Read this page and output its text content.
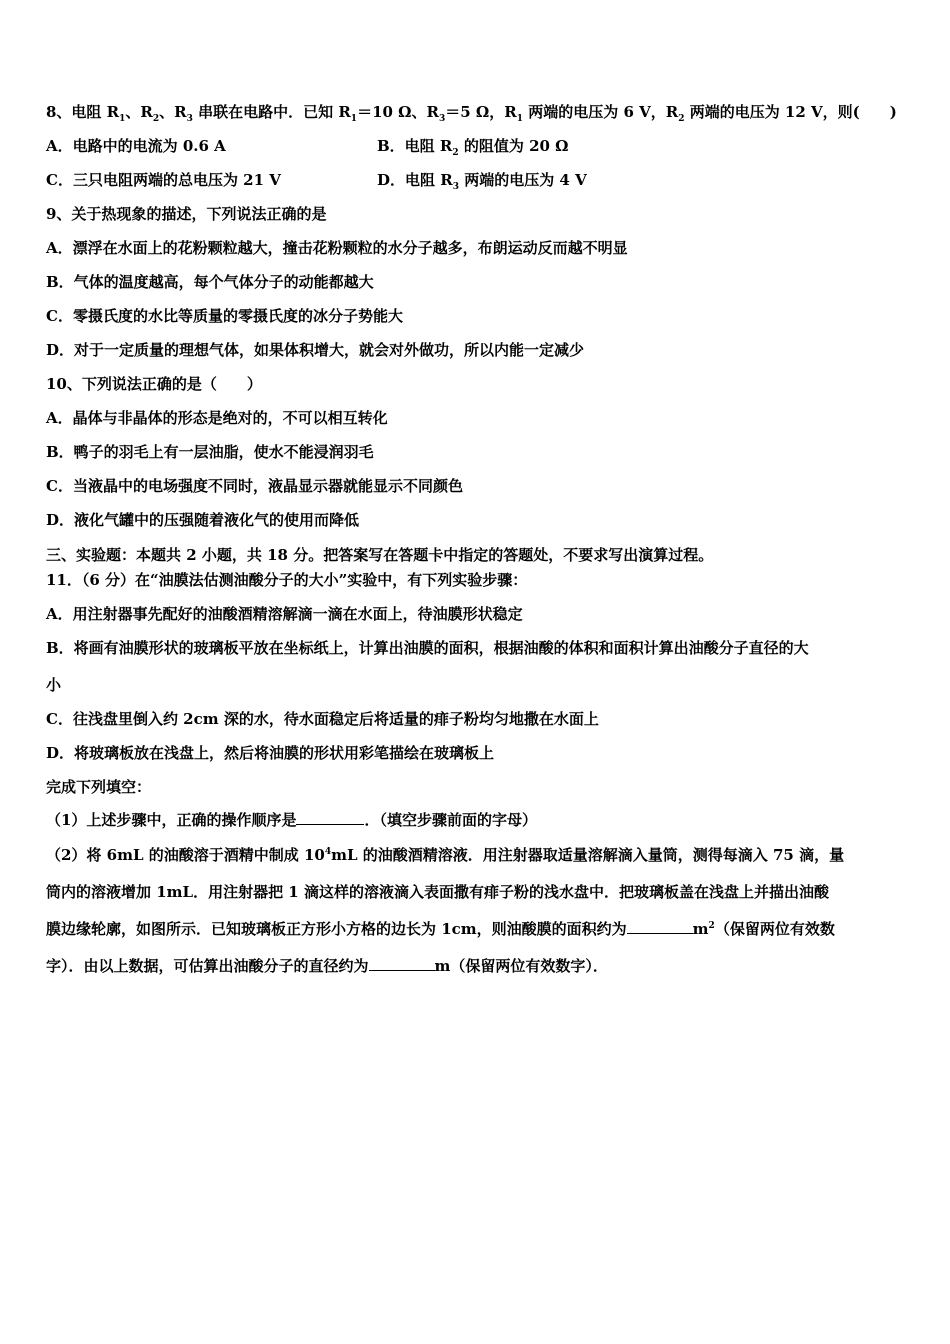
8、电阻 $R_1$、$R_2$、$R_3$ 串联在电路中．已知 $R_1=10$ Ω、$R_3=5$ Ω，$R_1$ 两端的电压为 6 V，$R_2$ 两端的电压为 12 V，则(　　)
A．电路中的电流为 0.6 A	B．电阻 $R_2$ 的阻值为 20 Ω
C．三只电阻两端的总电压为 21 V	D．电阻 $R_3$ 两端的电压为 4 V
9、关于热现象的描述，下列说法正确的是
A．漂浮在水面上的花粉颗粒越大，撞击花粉颗粒的水分子越多，布朗运动反而越不明显
B．气体的温度越高，每个气体分子的动能都越大
C．零摄氏度的水比等质量的零摄氏度的冰分子势能大
D．对于一定质量的理想气体，如果体积增大，就会对外做功，所以内能一定减少
10、下列说法正确的是（　　）
A．晶体与非晶体的形态是绝对的，不可以相互转化
B．鸭子的羽毛上有一层油脂，使水不能浸润羽毛
C．当液晶中的电场强度不同时，液晶显示器就能显示不同颜色
D．液化气罐中的压强随着液化气的使用而降低
三、实验题：本题共 2 小题，共 18 分。把答案写在答题卡中指定的答题处，不要求写出演算过程。
11．（6 分）在“油膜法估测油酸分子的大小”实验中，有下列实验步骤：
A．用注射器事先配好的油酸酒精溶解滴一滴在水面上，待油膜形状稳定
B．将画有油膜形状的玻璃板平放在坐标纸上，计算出油膜的面积，根据油酸的体积和面积计算出油酸分子直径的大
小
C．往浅盘里倒入约 2cm 深的水，待水面稳定后将适量的痱子粉均匀地撒在水面上
D．将玻璃板放在浅盘上，然后将油膜的形状用彩笔描绘在玻璃板上
完成下列填空：
（1）上述步骤中，正确的操作顺序是	．（填空步骤前面的字母）
（2）将 6mL 的油酸溶于酒精中制成 $10^4mL$ 的油酸酒精溶液．用注射器取适量溶解滴入量筒，测得每滴入 75 滴，量
筒内的溶液增加 1mL．用注射器把 1 滴这样的溶液滴入表面撒有痱子粉的浅水盘中．把玻璃板盖在浅盘上并描出油酸
膜边缘轮廓，如图所示．已知玻璃板正方形小方格的边长为 1cm，则油酸膜的面积约为	$m^2$（保留两位有效数
字）．由以上数据，可估算出油酸分子的直径约为	m（保留两位有效数字）．
